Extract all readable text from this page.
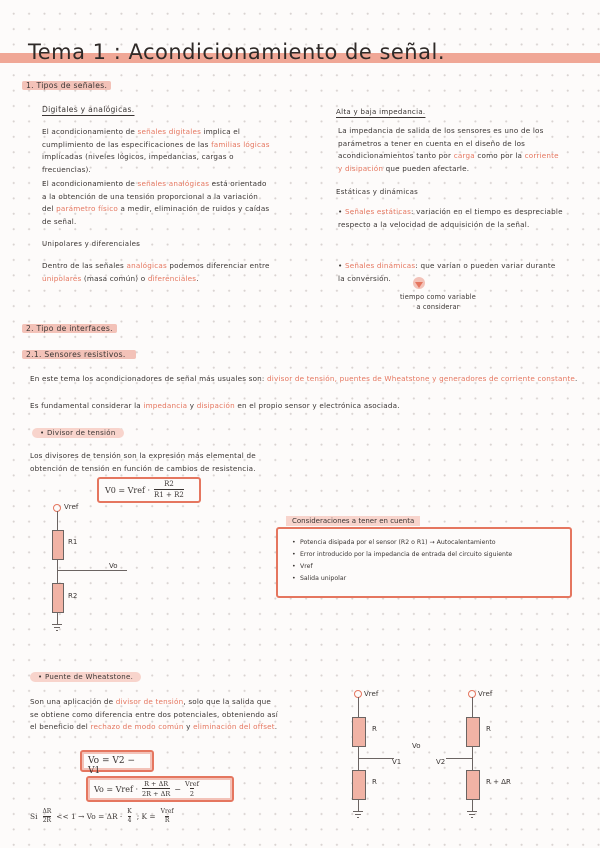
Tema 1 : Acondicionamiento de señal.
1. Tipos de señales.
Digitales y analógicas.
El acondicionamiento de señales digitales implica el cumplimiento de las especificaciones de las familias lógicas implicadas (niveles lógicos, impedancias, cargas o frecuencias).
El acondicionamiento de señales analógicas está orientado a la obtención de una tensión proporcional a la variación del parámetro físico a medir, eliminación de ruidos y caídas de señal.
Unipolares y diferenciales
Dentro de las señales analógicas podemos diferenciar entre unipolares (masa común) o diferenciales.
Alta y baja impedancia.
La impedancia de salida de los sensores es uno de los parámetros a tener en cuenta en el diseño de los acondicionamientos tanto por carga como por la corriente y disipación que pueden afectarle.
Estáticas y dinámicas
• Señales estáticas: variación en el tiempo es despreciable respecto a la velocidad de adquisición de la señal.
• Señales dinámicas: que varían o pueden variar durante la conversión.
tiempo como variable a considerar
2. Tipo de interfaces.
2.1. Sensores resistivos.
En este tema los acondicionadores de señal más usuales son: divisor de tensión, puentes de Wheatstone y generadores de corriente constante.
Es fundamental considerar la impedancia y disipación en el propio sensor y electrónica asociada.
• Divisor de tensión
Los divisores de tensión son la expresión más elemental de obtención de tensión en función de cambios de resistencia.
V0 = Vref ·
R2
R1 + R2
Vref
R1
Vo
R2
Consideraciones a tener en cuenta
• Potencia disipada por el sensor (R2 o R1) → Autocalentamiento
• Error introducido por la impedancia de entrada del circuito siguiente
• Vref
• Salida unipolar
• Puente de Wheatstone.
Son una aplicación de divisor de tensión, solo que la salida que se obtiene como diferencia entre dos potenciales, obteniendo así el beneficio del rechazo de modo común y eliminación del offset.
Vo = V2 − V1
Vo = Vref ·
R + ΔR
2R + ΔR
−
Vref
2
Si
ΔR
2R << 1 → Vo = ΔR ·
K
4 ; K =
Vref
R
Vref
R
V1
R
Vo
Vref
R
V2
R + ΔR
